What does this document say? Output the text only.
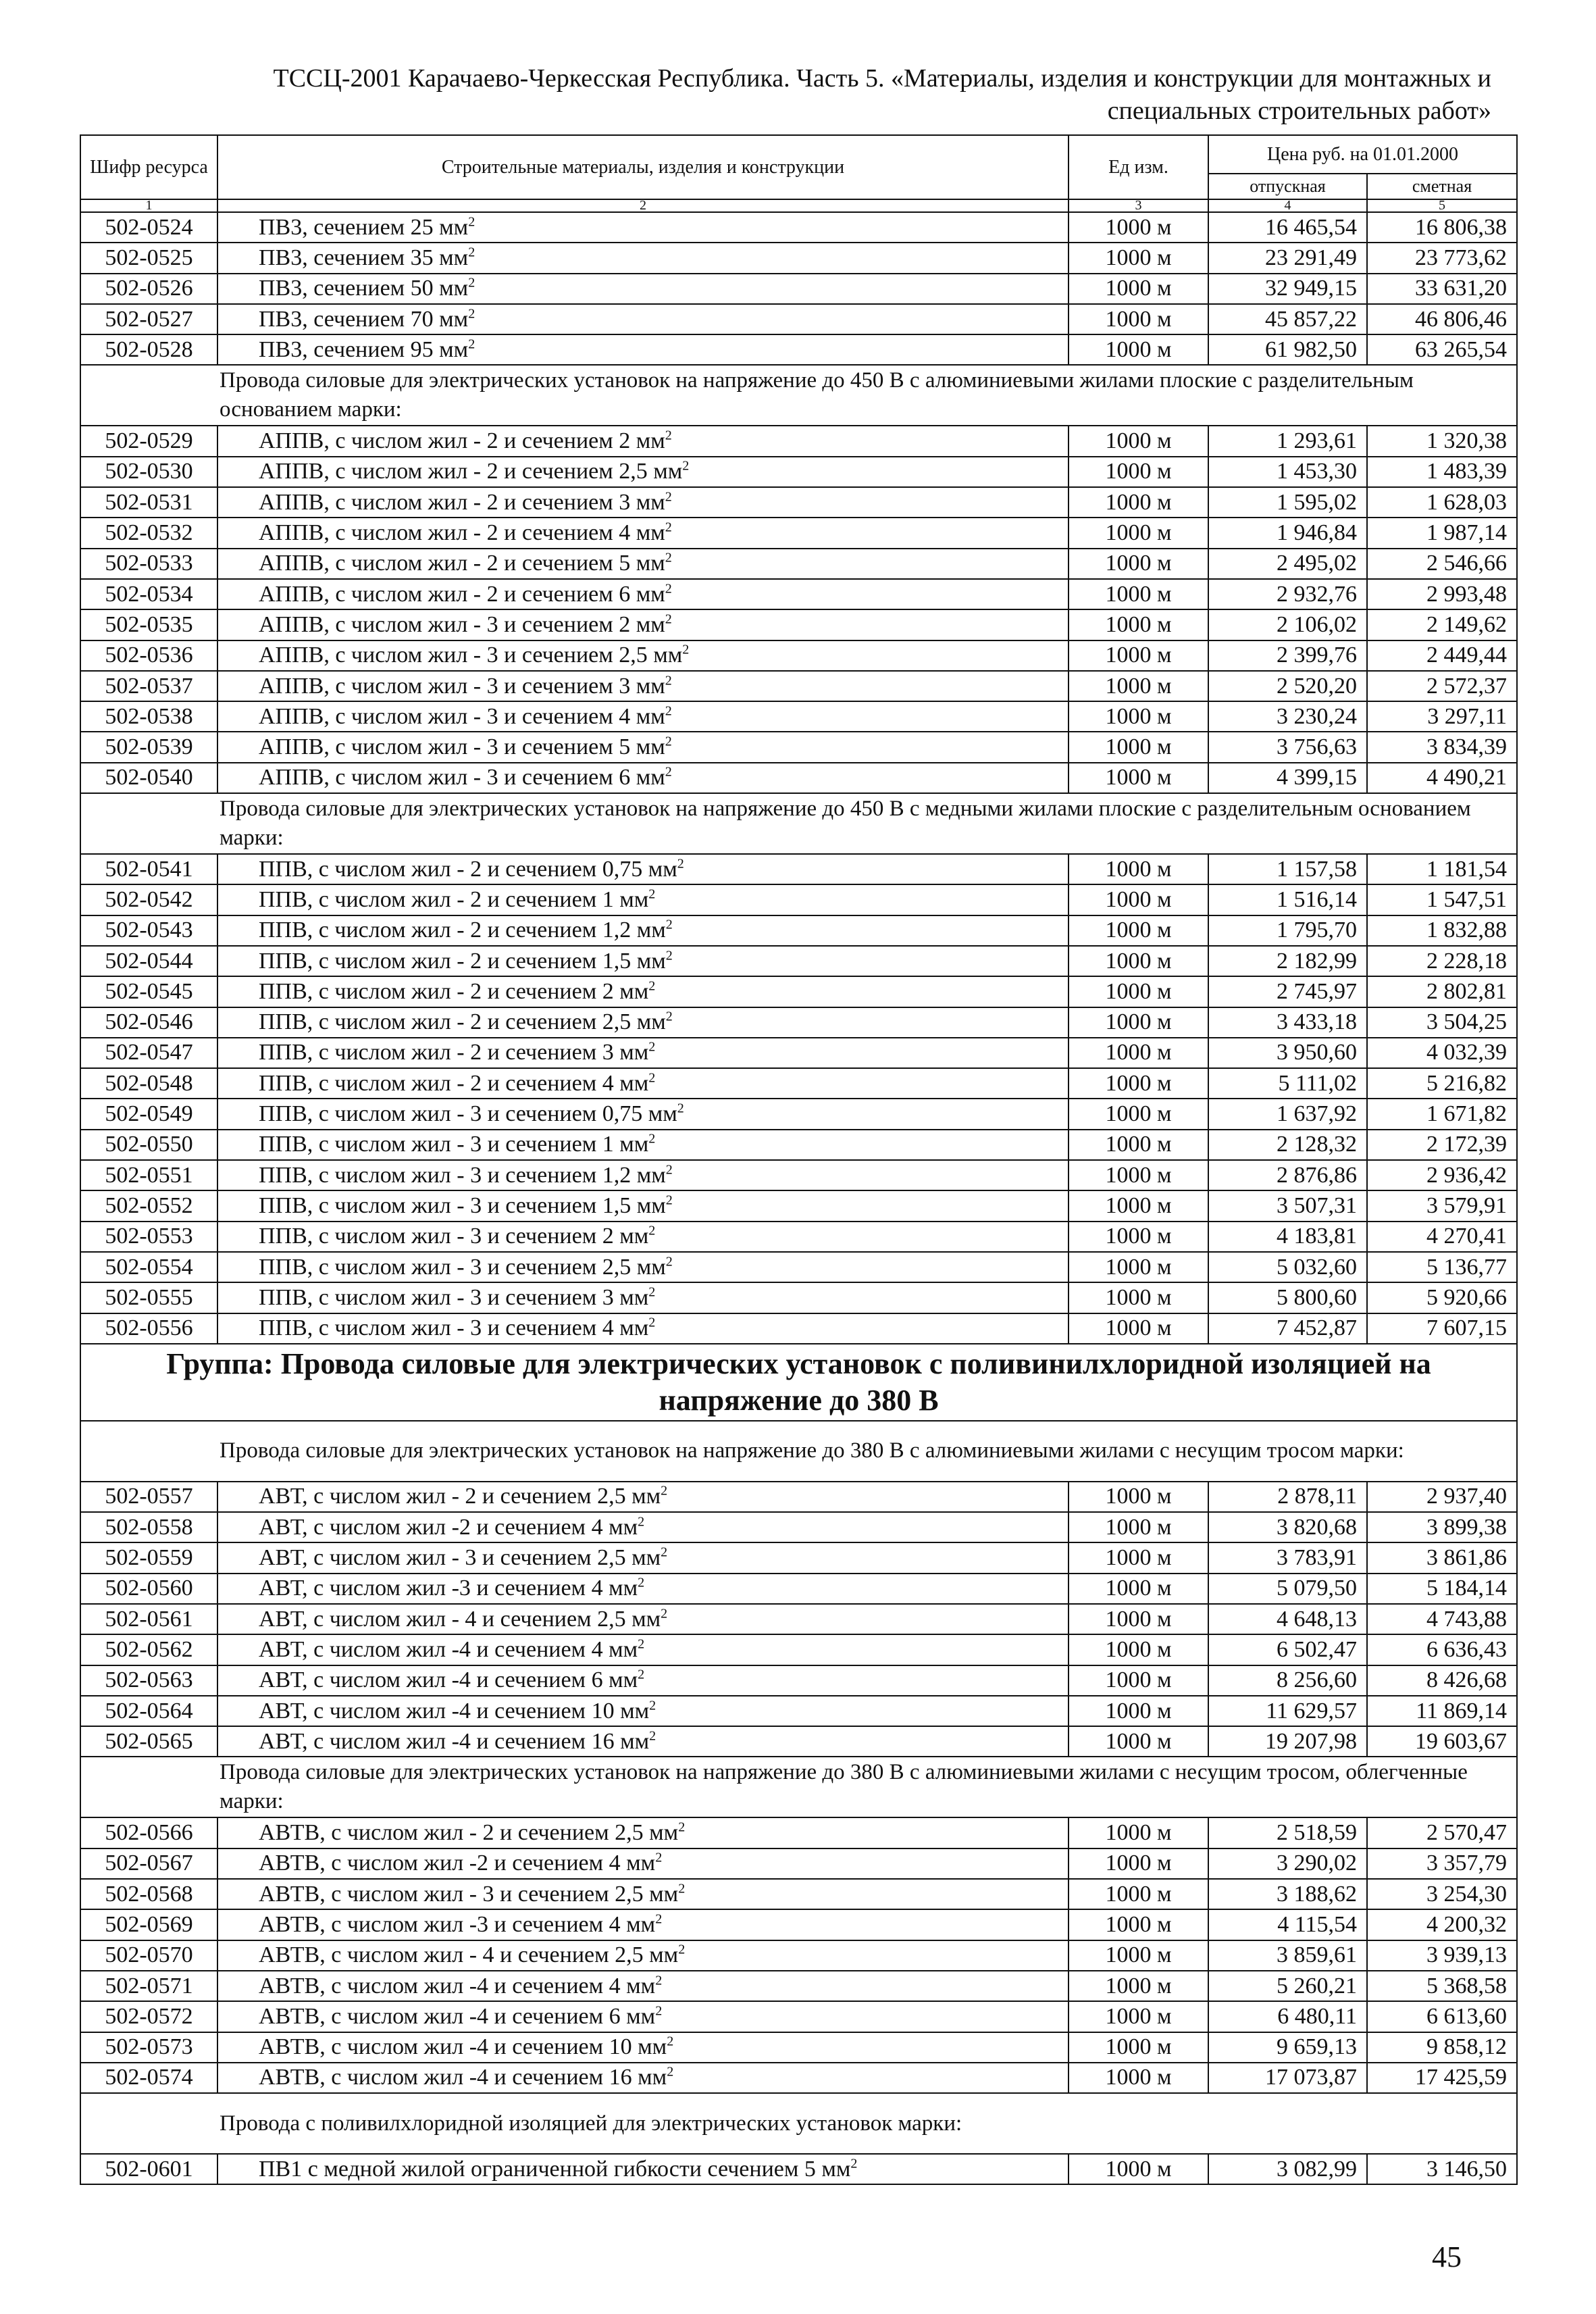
ТССЦ-2001 Карачаево-Черкесская Республика. Часть 5. «Материалы, изделия и конструкции для монтажных и
специальных строительных работ»
Шифр ресурса	Строительные материалы, изделия и конструкции	Ед изм.	Цена руб. на 01.01.2000	
			отпускная	сметная
1	2	3	4	5
502-0524	ПВ3, сечением 25 $мм^2$	1000 м	16 465,54	16 806,38
502-0525	ПВ3, сечением 35 $мм^2$	1000 м	23 291,49	23 773,62
502-0526	ПВ3, сечением 50 $мм^2$	1000 м	32 949,15	33 631,20
502-0527	ПВ3, сечением 70 $мм^2$	1000 м	45 857,22	46 806,46
502-0528	ПВ3, сечением 95 $мм^2$	1000 м	61 982,50	63 265,54
Провода силовые для электрических установок на напряжение до 450 В с алюминиевыми жилами плоские с разделительным основанием марки:				
502-0529	АППВ, с числом жил - 2 и сечением 2 $мм^2$	1000 м	1 293,61	1 320,38
502-0530	АППВ, с числом жил - 2 и сечением 2,5 $мм^2$	1000 м	1 453,30	1 483,39
502-0531	АППВ, с числом жил - 2 и сечением 3 $мм^2$	1000 м	1 595,02	1 628,03
502-0532	АППВ, с числом жил - 2 и сечением 4 $мм^2$	1000 м	1 946,84	1 987,14
502-0533	АППВ, с числом жил - 2 и сечением 5 $мм^2$	1000 м	2 495,02	2 546,66
502-0534	АППВ, с числом жил - 2 и сечением 6 $мм^2$	1000 м	2 932,76	2 993,48
502-0535	АППВ, с числом жил - 3 и сечением 2 $мм^2$	1000 м	2 106,02	2 149,62
502-0536	АППВ, с числом жил - 3 и сечением 2,5 $мм^2$	1000 м	2 399,76	2 449,44
502-0537	АППВ, с числом жил - 3 и сечением 3 $мм^2$	1000 м	2 520,20	2 572,37
502-0538	АППВ, с числом жил - 3 и сечением 4 $мм^2$	1000 м	3 230,24	3 297,11
502-0539	АППВ, с числом жил - 3 и сечением 5 $мм^2$	1000 м	3 756,63	3 834,39
502-0540	АППВ, с числом жил - 3 и сечением 6 $мм^2$	1000 м	4 399,15	4 490,21
Провода силовые для электрических установок на напряжение до 450 В с медными жилами плоские с разделительным основанием марки:				
502-0541	ППВ, с числом жил - 2 и сечением 0,75 $мм^2$	1000 м	1 157,58	1 181,54
502-0542	ППВ, с числом жил - 2 и сечением 1 $мм^2$	1000 м	1 516,14	1 547,51
502-0543	ППВ, с числом жил - 2 и сечением 1,2 $мм^2$	1000 м	1 795,70	1 832,88
502-0544	ППВ, с числом жил - 2 и сечением 1,5 $мм^2$	1000 м	2 182,99	2 228,18
502-0545	ППВ, с числом жил - 2 и сечением 2 $мм^2$	1000 м	2 745,97	2 802,81
502-0546	ППВ, с числом жил - 2 и сечением 2,5 $мм^2$	1000 м	3 433,18	3 504,25
502-0547	ППВ, с числом жил - 2 и сечением 3 $мм^2$	1000 м	3 950,60	4 032,39
502-0548	ППВ, с числом жил - 2 и сечением 4 $мм^2$	1000 м	5 111,02	5 216,82
502-0549	ППВ, с числом жил - 3 и сечением 0,75 $мм^2$	1000 м	1 637,92	1 671,82
502-0550	ППВ, с числом жил - 3 и сечением 1 $мм^2$	1000 м	2 128,32	2 172,39
502-0551	ППВ, с числом жил - 3 и сечением 1,2 $мм^2$	1000 м	2 876,86	2 936,42
502-0552	ППВ, с числом жил - 3 и сечением 1,5 $мм^2$	1000 м	3 507,31	3 579,91
502-0553	ППВ, с числом жил - 3 и сечением 2 $мм^2$	1000 м	4 183,81	4 270,41
502-0554	ППВ, с числом жил - 3 и сечением 2,5 $мм^2$	1000 м	5 032,60	5 136,77
502-0555	ППВ, с числом жил - 3 и сечением 3 $мм^2$	1000 м	5 800,60	5 920,66
502-0556	ППВ, с числом жил - 3 и сечением 4 $мм^2$	1000 м	7 452,87	7 607,15
Группа: Провода силовые для электрических установок с поливинилхлоридной изоляцией на напряжение до 380 В				
Провода силовые для электрических установок на напряжение до 380 В с алюминиевыми жилами с несущим тросом марки:				
502-0557	АВТ, с числом жил - 2 и сечением 2,5 $мм^2$	1000 м	2 878,11	2 937,40
502-0558	АВТ, с числом жил -2 и сечением 4 $мм^2$	1000 м	3 820,68	3 899,38
502-0559	АВТ, с числом жил - 3 и сечением 2,5 $мм^2$	1000 м	3 783,91	3 861,86
502-0560	АВТ, с числом жил -3 и сечением 4 $мм^2$	1000 м	5 079,50	5 184,14
502-0561	АВТ, с числом жил - 4 и сечением 2,5 $мм^2$	1000 м	4 648,13	4 743,88
502-0562	АВТ, с числом жил -4 и сечением 4 $мм^2$	1000 м	6 502,47	6 636,43
502-0563	АВТ, с числом жил -4 и сечением 6 $мм^2$	1000 м	8 256,60	8 426,68
502-0564	АВТ, с числом жил -4 и сечением 10 $мм^2$	1000 м	11 629,57	11 869,14
502-0565	АВТ, с числом жил -4 и сечением 16 $мм^2$	1000 м	19 207,98	19 603,67
Провода силовые для электрических установок на напряжение до 380 В с алюминиевыми жилами с несущим тросом, облегченные марки:				
502-0566	АВТВ, с числом жил - 2 и сечением 2,5 $мм^2$	1000 м	2 518,59	2 570,47
502-0567	АВТВ, с числом жил -2 и сечением 4 $мм^2$	1000 м	3 290,02	3 357,79
502-0568	АВТВ, с числом жил - 3 и сечением 2,5 $мм^2$	1000 м	3 188,62	3 254,30
502-0569	АВТВ, с числом жил -3 и сечением 4 $мм^2$	1000 м	4 115,54	4 200,32
502-0570	АВТВ, с числом жил - 4 и сечением 2,5 $мм^2$	1000 м	3 859,61	3 939,13
502-0571	АВТВ, с числом жил -4 и сечением 4 $мм^2$	1000 м	5 260,21	5 368,58
502-0572	АВТВ, с числом жил -4 и сечением 6 $мм^2$	1000 м	6 480,11	6 613,60
502-0573	АВТВ, с числом жил -4 и сечением 10 $мм^2$	1000 м	9 659,13	9 858,12
502-0574	АВТВ, с числом жил -4 и сечением 16 $мм^2$	1000 м	17 073,87	17 425,59
Провода с поливилхлоридной изоляцией для электрических установок марки:				
502-0601	ПВ1 с медной жилой ограниченной гибкости сечением 5 $мм^2$	1000 м	3 082,99	3 146,50
45
